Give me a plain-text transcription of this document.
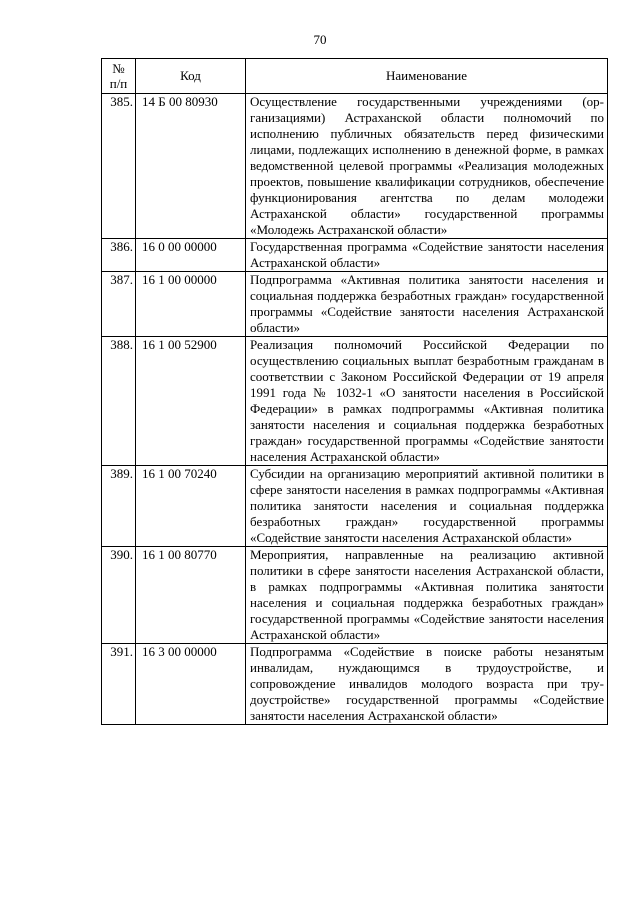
70
№
п/п	Код	Наименование
385.	14 Б 00 80930	Осуществление государственными учреждениями (организациями) Астраханской области полномочий по исполнению публичных обязательств перед физическими лицами, подлежащих исполнению в денежной форме, в рамках ведомственной целевой программы «Реализация молодежных проектов, повышение квалификации сотрудников, обеспечение функционирования агентства по делам молодежи Астраханской области» государственной программы «Молодежь Астраханской области»
386.	16 0 00 00000	Государственная программа «Содействие занятости населения Астраханской области»
387.	16 1 00 00000	Подпрограмма «Активная политика занятости населения и социальная поддержка безработных граждан» государственной программы «Содействие занятости населения Астраханской области»
388.	16 1 00 52900	Реализация полномочий Российской Федерации по осуществлению социальных выплат безработным гражданам в соответствии с Законом Российской Федерации от 19 апреля 1991 года № 1032-1 «О занятости населения в Российской Федерации» в рамках подпрограммы «Активная политика занятости населения и социальная поддержка безработных граждан» государственной программы «Содействие занятости населения Астраханской области»
389.	16 1 00 70240	Субсидии на организацию мероприятий активной политики в сфере занятости населения в рамках подпрограммы «Активная политика занятости населения и социальная поддержка безработных граждан» государственной программы «Содействие занятости населения Астраханской области»
390.	16 1 00 80770	Мероприятия, направленные на реализацию активной политики в сфере занятости населения Астраханской области, в рамках подпрограммы «Активная политика занятости населения и социальная поддержка безработных граждан» государственной программы «Содействие занятости населения Астраханской области»
391.	16 3 00 00000	Подпрограмма «Содействие в поиске работы незанятым инвалидам, нуждающимся в трудоустройстве, и сопровождение инвалидов молодого возраста при трудоустройстве» государственной программы «Содействие занятости населения Астраханской области»
